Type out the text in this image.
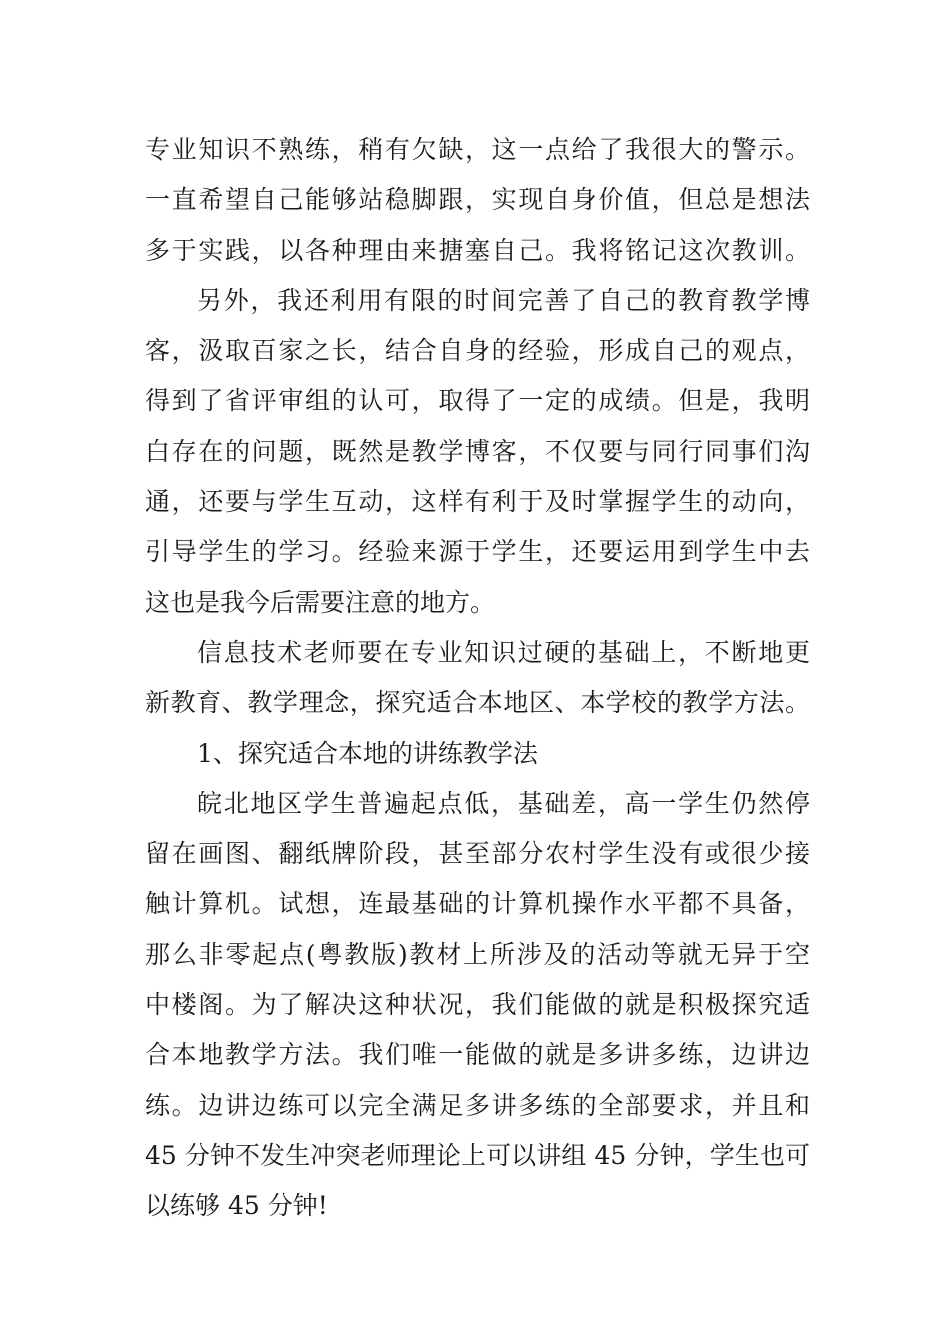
专业知识不熟练，稍有欠缺，这一点给了我很大的警示。
一直希望自己能够站稳脚跟，实现自身价值，但总是想法
多于实践，以各种理由来搪塞自己。我将铭记这次教训。
另外，我还利用有限的时间完善了自己的教育教学博
客，汲取百家之长，结合自身的经验，形成自己的观点，
得到了省评审组的认可，取得了一定的成绩。但是，我明
白存在的问题，既然是教学博客，不仅要与同行同事们沟
通，还要与学生互动，这样有利于及时掌握学生的动向，
引导学生的学习。经验来源于学生，还要运用到学生中去
这也是我今后需要注意的地方。
信息技术老师要在专业知识过硬的基础上，不断地更
新教育、教学理念，探究适合本地区、本学校的教学方法。
1、探究适合本地的讲练教学法
皖北地区学生普遍起点低，基础差，高一学生仍然停
留在画图、翻纸牌阶段，甚至部分农村学生没有或很少接
触计算机。试想，连最基础的计算机操作水平都不具备，
那么非零起点(粤教版)教材上所涉及的活动等就无异于空
中楼阁。为了解决这种状况，我们能做的就是积极探究适
合本地教学方法。我们唯一能做的就是多讲多练，边讲边
练。边讲边练可以完全满足多讲多练的全部要求，并且和
45 分钟不发生冲突老师理论上可以讲组 45 分钟，学生也可
以练够 45 分钟!
